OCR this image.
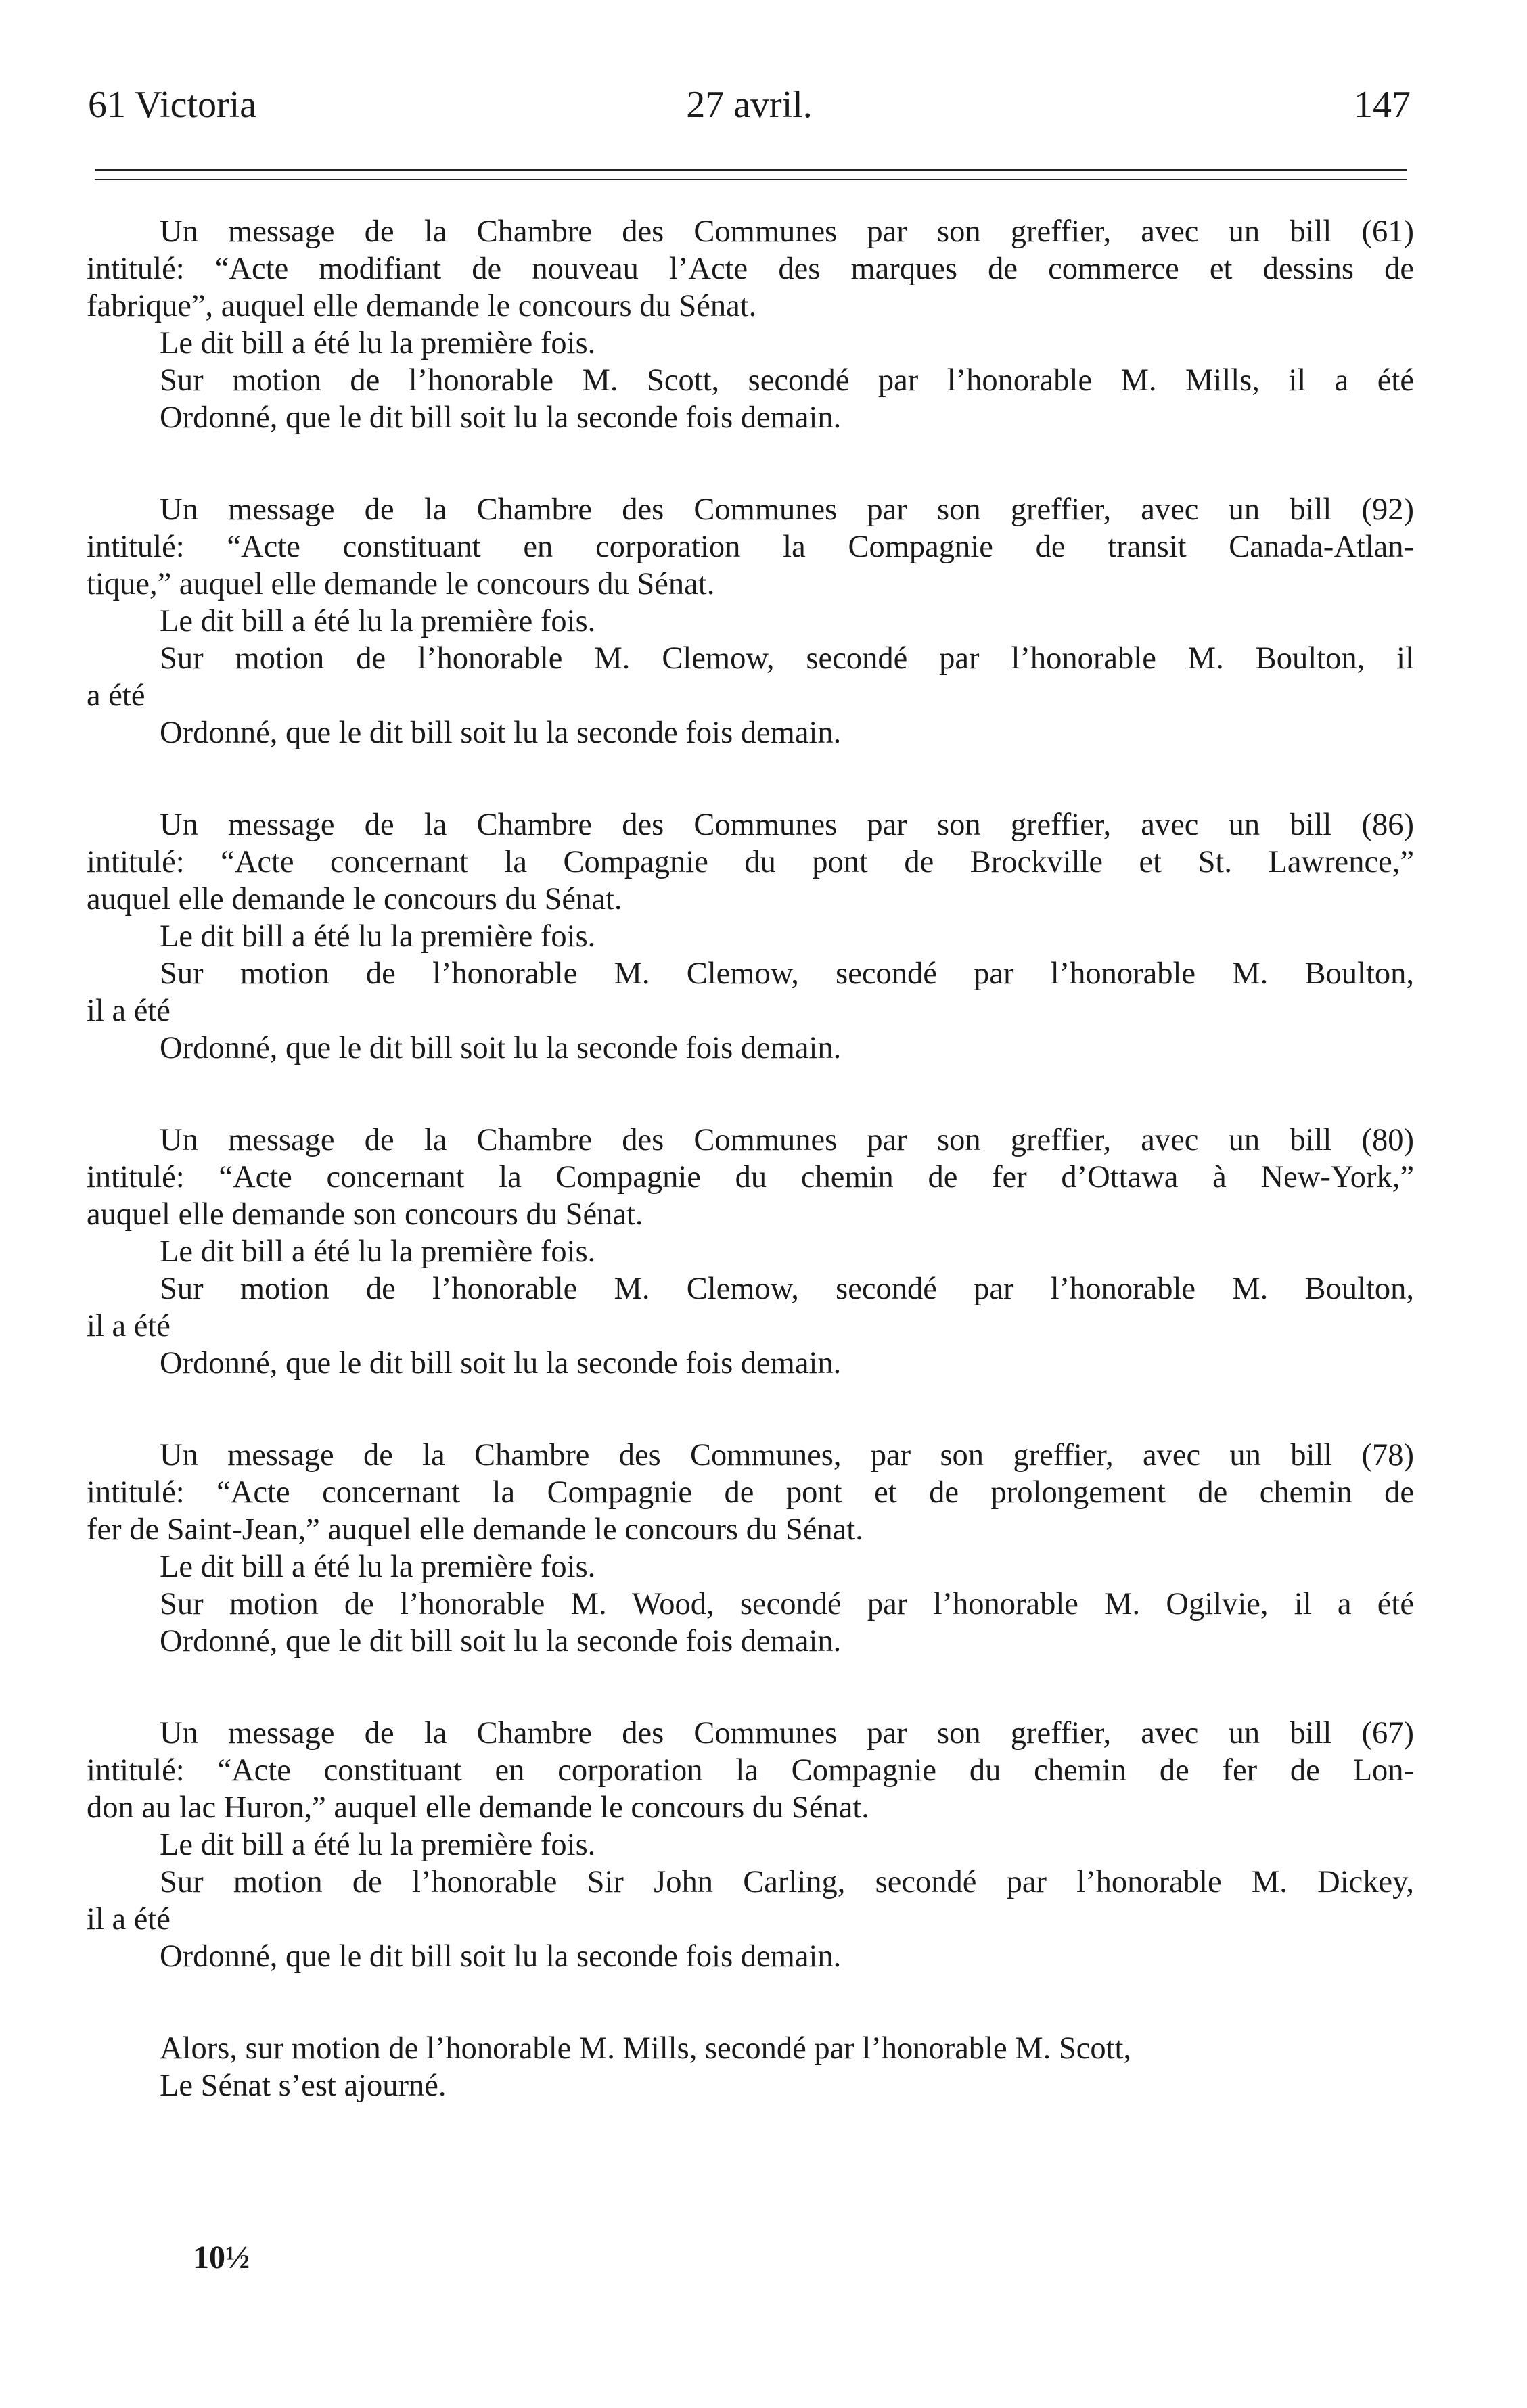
61 Victoria	27 avril.	147
Un message de la Chambre des Communes par son greffier, avec un bill (61)
intitulé: “Acte modifiant de nouveau l’Acte des marques de commerce et dessins de
fabrique”, auquel elle demande le concours du Sénat.
Le dit bill a été lu la première fois.
Sur motion de l’honorable M. Scott, secondé par l’honorable M. Mills, il a été
Ordonné, que le dit bill soit lu la seconde fois demain.
Un message de la Chambre des Communes par son greffier, avec un bill (92)
intitulé: “Acte constituant en corporation la Compagnie de transit Canada-Atlan-
tique,” auquel elle demande le concours du Sénat.
Le dit bill a été lu la première fois.
Sur motion de l’honorable M. Clemow, secondé par l’honorable M. Boulton, il
a été
Ordonné, que le dit bill soit lu la seconde fois demain.
Un message de la Chambre des Communes par son greffier, avec un bill (86)
intitulé: “Acte concernant la Compagnie du pont de Brockville et St. Lawrence,”
auquel elle demande le concours du Sénat.
Le dit bill a été lu la première fois.
Sur motion de l’honorable M. Clemow, secondé par l’honorable M. Boulton,
il a été
Ordonné, que le dit bill soit lu la seconde fois demain.
Un message de la Chambre des Communes par son greffier, avec un bill (80)
intitulé: “Acte concernant la Compagnie du chemin de fer d’Ottawa à New-York,”
auquel elle demande son concours du Sénat.
Le dit bill a été lu la première fois.
Sur motion de l’honorable M. Clemow, secondé par l’honorable M. Boulton,
il a été
Ordonné, que le dit bill soit lu la seconde fois demain.
Un message de la Chambre des Communes, par son greffier, avec un bill (78)
intitulé: “Acte concernant la Compagnie de pont et de prolongement de chemin de
fer de Saint-Jean,” auquel elle demande le concours du Sénat.
Le dit bill a été lu la première fois.
Sur motion de l’honorable M. Wood, secondé par l’honorable M. Ogilvie, il a été
Ordonné, que le dit bill soit lu la seconde fois demain.
Un message de la Chambre des Communes par son greffier, avec un bill (67)
intitulé: “Acte constituant en corporation la Compagnie du chemin de fer de Lon-
don au lac Huron,” auquel elle demande le concours du Sénat.
Le dit bill a été lu la première fois.
Sur motion de l’honorable Sir John Carling, secondé par l’honorable M. Dickey,
il a été
Ordonné, que le dit bill soit lu la seconde fois demain.
Alors, sur motion de l’honorable M. Mills, secondé par l’honorable M. Scott,
Le Sénat s’est ajourné.
10½
